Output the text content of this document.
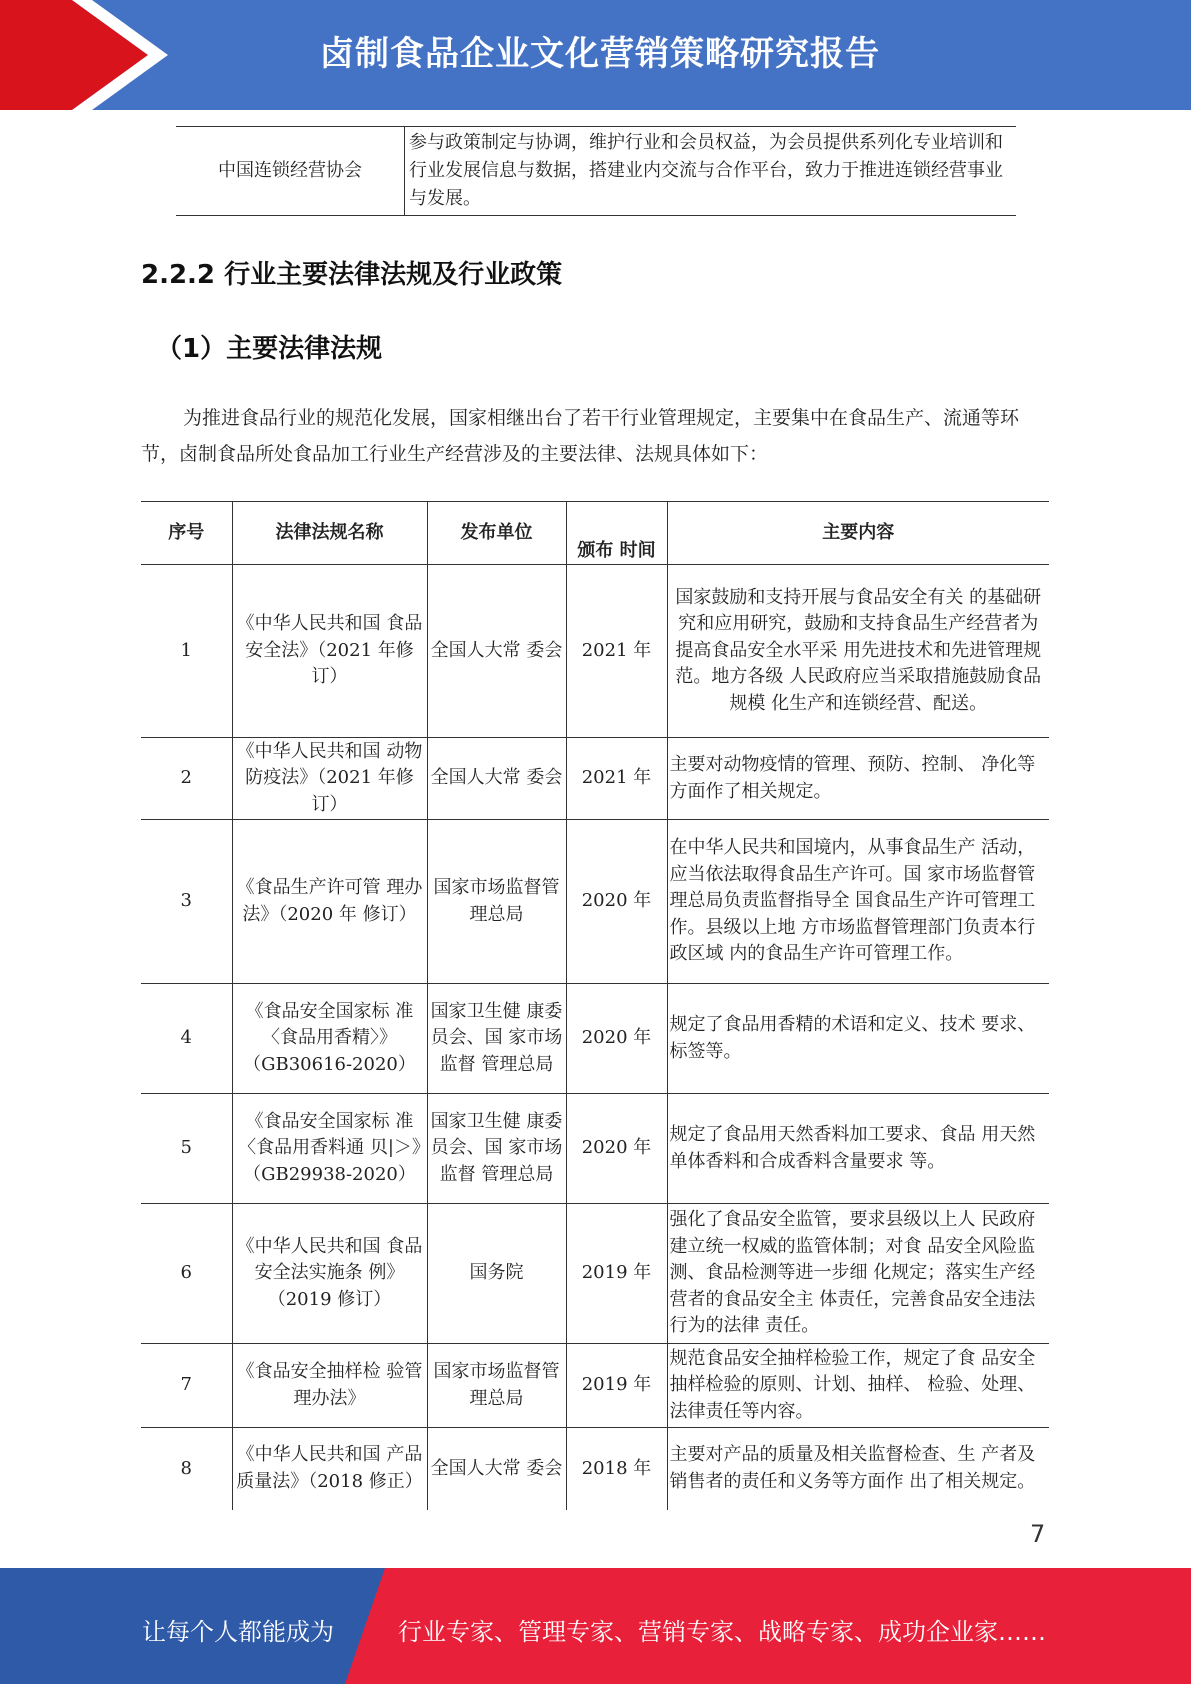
卤制食品企业文化营销策略研究报告
中国连锁经营协会	参与政策制定与协调，维护行业和会员权益，为会员提供系列化专业培训和行业发展信息与数据，搭建业内交流与合作平台，致力于推进连锁经营事业与发展。
2.2.2 行业主要法律法规及行业政策
（1）主要法律法规
为推进食品行业的规范化发展，国家相继出台了若干行业管理规定，主要集中在食品生产、流通等环节，卤制食品所处食品加工行业生产经营涉及的主要法律、法规具体如下：
序号	法律法规名称	发布单位	颁布 时间	主要内容
1	《中华人民共和国 食品安全法》（2021 年修订）	全国人大常 委会	2021 年	国家鼓励和支持开展与食品安全有关 的基础研究和应用研究，鼓励和支持食品生产经营者为提高食品安全水平采 用先进技术和先进管理规范。地方各级 人民政府应当采取措施鼓励食品规模 化生产和连锁经营、配送。
2	《中华人民共和国 动物防疫法》（2021 年修订）	全国人大常 委会	2021 年	主要对动物疫情的管理、预防、控制、 净化等方面作了相关规定。
3	《食品生产许可管 理办法》（2020 年 修订）	国家市场监督管理总局	2020 年	在中华人民共和国境内，从事食品生产 活动，应当依法取得食品生产许可。国 家市场监督管理总局负责监督指导全 国食品生产许可管理工作。县级以上地 方市场监督管理部门负责本行政区域 内的食品生产许可管理工作。
4	《食品安全国家标 准〈食品用香精〉》（GB30616-2020）	国家卫生健 康委员会、国 家市场监督 管理总局	2020 年	规定了食品用香精的术语和定义、技术 要求、标签等。
5	《食品安全国家标 准〈食品用香料通 贝|＞》（GB29938-2020）	国家卫生健 康委员会、国 家市场监督 管理总局	2020 年	规定了食品用天然香料加工要求、食品 用天然单体香料和合成香料含量要求 等。
6	《中华人民共和国 食品安全法实施条 例》（2019 修订）	国务院	2019 年	强化了食品安全监管，要求县级以上人 民政府建立统一权威的监管体制；对食 品安全风险监测、食品检测等进一步细 化规定；落实生产经营者的食品安全主 体责任，完善食品安全违法行为的法律 责任。
7	《食品安全抽样检 验管理办法》	国家市场监督管理总局	2019 年	规范食品安全抽样检验工作，规定了食 品安全抽样检验的原则、计划、抽样、 检验、处理、法律责任等内容。
8	《中华人民共和国 产品质量法》（2018 修正）	全国人大常 委会	2018 年	主要对产品的质量及相关监督检查、生 产者及销售者的责任和义务等方面作 出了相关规定。
7
让每个人都能成为	行业专家、管理专家、营销专家、战略专家、成功企业家……
